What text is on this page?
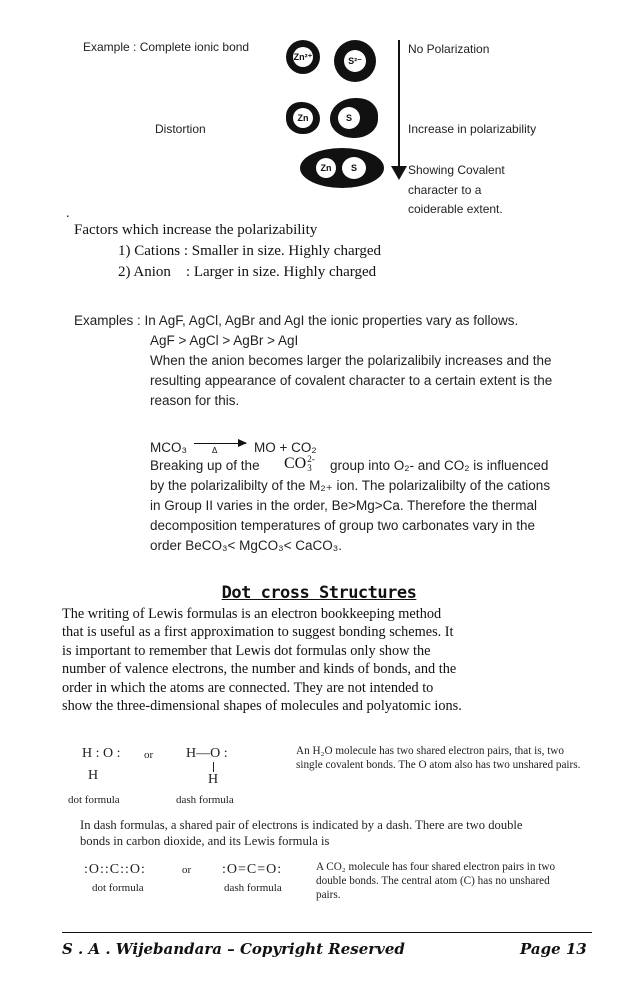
Example : Complete ionic bond	No Polarization
Distortion	Increase in polarizability
Showing Covalent
character to a
coiderable extent.
Zn²⁺	S²⁻
Zn	S
Zn	S
.
Factors which increase the polarizability
1) Cations : Smaller in size. Highly charged
2) Anion    : Larger in size. Highly charged
Examples : In AgF, AgCl, AgBr and AgI the ionic properties vary as follows.
AgF > AgCl > AgBr > AgI
When the anion becomes larger the polarizalibily increases and the
resulting appearance of covalent character to a certain extent is the
reason for this.
MCO₃	Δ	MO + CO₂
Breaking up of the CO 2-
3 group into O₂- and CO₂ is influenced
by the polarizalibilty of the M₂₊ ion. The polarizalibilty of the cations
in Group II varies in the order, Be>Mg>Ca. Therefore the thermal
decomposition temperatures of group two carbonates vary in the
order BeCO₃< MgCO₃< CaCO₃.
Dot cross Structures
The writing of Lewis formulas is an electron bookkeeping method
that is useful as a first approximation to suggest bonding schemes. It
is important to remember that Lewis dot formulas only show the
number of valence electrons, the number and kinds of bonds, and the
order in which the atoms are connected. They are not intended to
show the three-dimensional shapes of molecules and polyatomic ions.
H : O :
H
or H—O :
H
dot formula	dash formula
An H₂O molecule has two shared electron pairs, that is, two
single covalent bonds. The O atom also has two unshared pairs.
In dash formulas, a shared pair of electrons is indicated by a dash. There are two double
bonds in carbon dioxide, and its Lewis formula is
:O::C::O:	or :O=C=O:
dot formula	dash formula
A CO₂ molecule has four shared electron pairs in two
double bonds. The central atom (C) has no unshared
pairs.
S . A . Wijebandara – Copyright Reserved	Page 13
